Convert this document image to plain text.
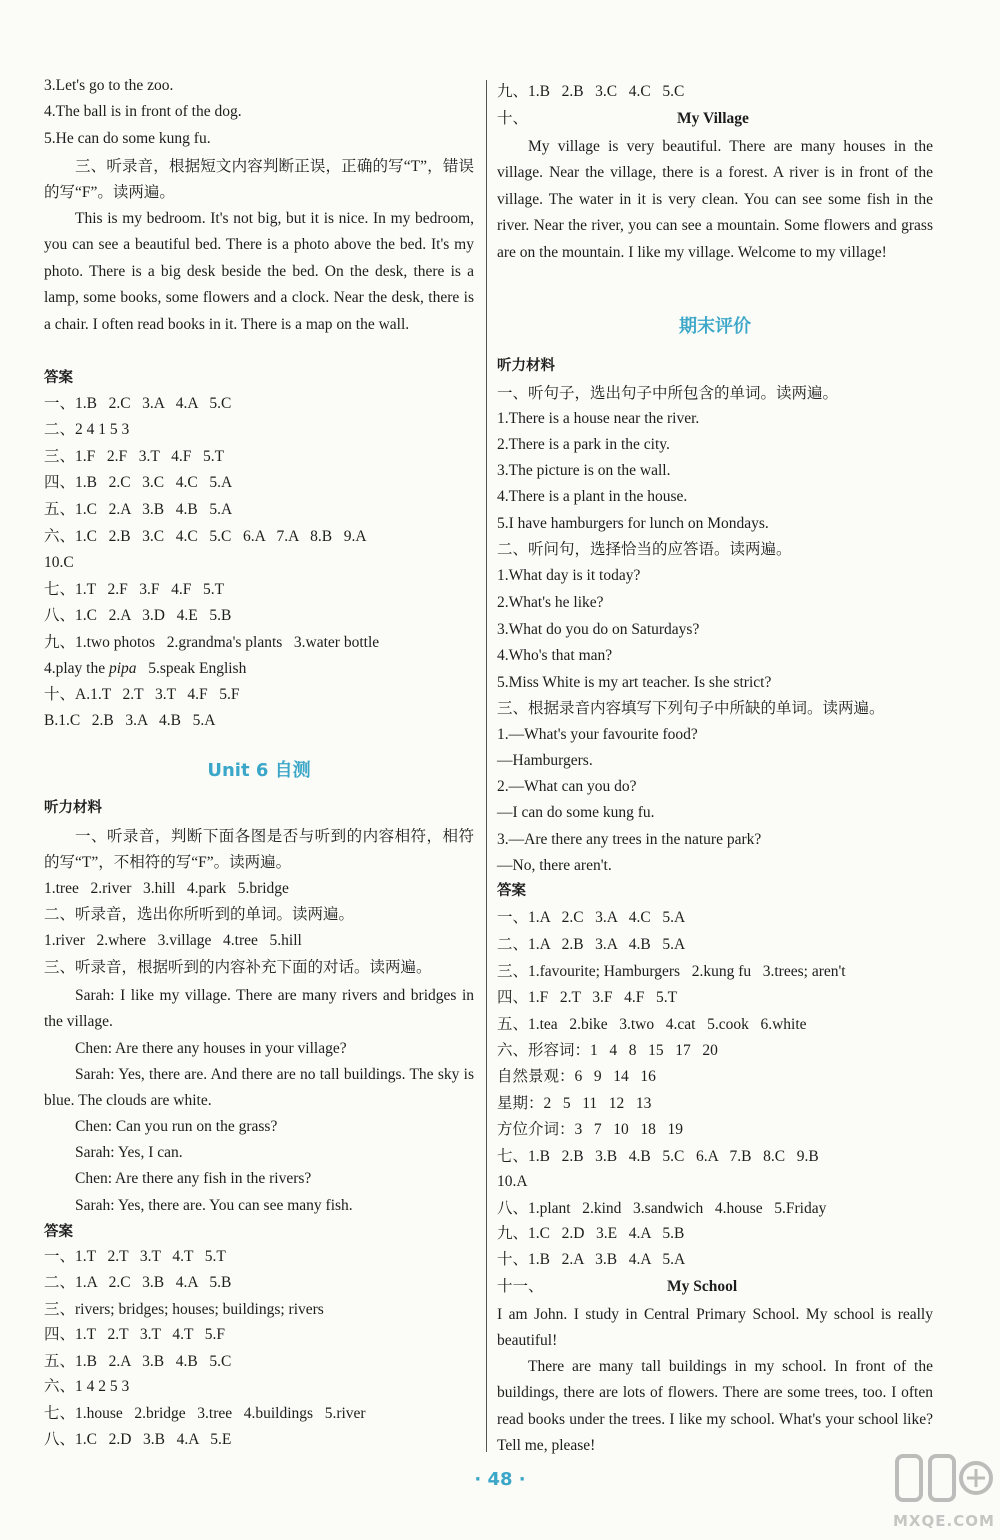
3.Let's go to the zoo.
4.The ball is in front of the dog.
5.He can do some kung fu.
三、听录音，根据短文内容判断正误，正确的写“T”，错误的写“F”。读两遍。
This is my bedroom. It's not big, but it is nice. In my bedroom, you can see a beautiful bed. There is a photo above the bed. It's my photo. There is a big desk beside the bed. On the desk, there is a lamp, some books, some flowers and a clock. Near the desk, there is a chair. I often read books in it. There is a map on the wall.
答案
一、1.B   2.C   3.A   4.A   5.C
二、2 4 1 5 3
三、1.F   2.F   3.T   4.F   5.T
四、1.B   2.C   3.C   4.C   5.A
五、1.C   2.A   3.B   4.B   5.A
六、1.C   2.B   3.C   4.C   5.C   6.A   7.A   8.B   9.A
10.C
七、1.T   2.F   3.F   4.F   5.T
八、1.C   2.A   3.D   4.E   5.B
九、1.two photos   2.grandma's plants   3.water bottle
4.play the pipa   5.speak English
十、A.1.T   2.T   3.T   4.F   5.F
B.1.C   2.B   3.A   4.B   5.A
Unit 6 自测
听力材料
一、听录音，判断下面各图是否与听到的内容相符，相符的写“T”，不相符的写“F”。读两遍。
1.tree   2.river   3.hill   4.park   5.bridge
二、听录音，选出你所听到的单词。读两遍。
1.river   2.where   3.village   4.tree   5.hill
三、听录音，根据听到的内容补充下面的对话。读两遍。
Sarah: I like my village. There are many rivers and bridges in the village.
Chen: Are there any houses in your village?
Sarah: Yes, there are. And there are no tall buildings. The sky is blue. The clouds are white.
Chen: Can you run on the grass?
Sarah: Yes, I can.
Chen: Are there any fish in the rivers?
Sarah: Yes, there are. You can see many fish.
答案
一、1.T   2.T   3.T   4.T   5.T
二、1.A   2.C   3.B   4.A   5.B
三、rivers; bridges; houses; buildings; rivers
四、1.T   2.T   3.T   4.T   5.F
五、1.B   2.A   3.B   4.B   5.C
六、1 4 2 5 3
七、1.house   2.bridge   3.tree   4.buildings   5.river
八、1.C   2.D   3.B   4.A   5.E
九、1.B   2.B   3.C   4.C   5.C
十、	My Village
My village is very beautiful. There are many houses in the village. Near the village, there is a forest. A river is in front of the village. The water in it is very clean. You can see some fish in the river. Near the river, you can see a mountain. Some flowers and grass are on the mountain. I like my village. Welcome to my village!
期末评价
听力材料
一、听句子，选出句子中所包含的单词。读两遍。
1.There is a house near the river.
2.There is a park in the city.
3.The picture is on the wall.
4.There is a plant in the house.
5.I have hamburgers for lunch on Mondays.
二、听问句，选择恰当的应答语。读两遍。
1.What day is it today?
2.What's he like?
3.What do you do on Saturdays?
4.Who's that man?
5.Miss White is my art teacher. Is she strict?
三、根据录音内容填写下列句子中所缺的单词。读两遍。
1.—What's your favourite food?
—Hamburgers.
2.—What can you do?
—I can do some kung fu.
3.—Are there any trees in the nature park?
—No, there aren't.
答案
一、1.A   2.C   3.A   4.C   5.A
二、1.A   2.B   3.A   4.B   5.A
三、1.favourite; Hamburgers   2.kung fu   3.trees; aren't
四、1.F   2.T   3.F   4.F   5.T
五、1.tea   2.bike   3.two   4.cat   5.cook   6.white
六、形容词：1   4   8   15   17   20
自然景观：6   9   14   16
星期：2   5   11   12   13
方位介词：3   7   10   18   19
七、1.B   2.B   3.B   4.B   5.C   6.A   7.B   8.C   9.B
10.A
八、1.plant   2.kind   3.sandwich   4.house   5.Friday
九、1.C   2.D   3.E   4.A   5.B
十、1.B   2.A   3.B   4.A   5.A
十一、	My School
I am John. I study in Central Primary School. My school is really beautiful!
There are many tall buildings in my school. In front of the buildings, there are lots of flowers. There are some trees, too. I often read books under the trees. I like my school. What's your school like? Tell me, please!
· 48 ·
MXQE.COM
